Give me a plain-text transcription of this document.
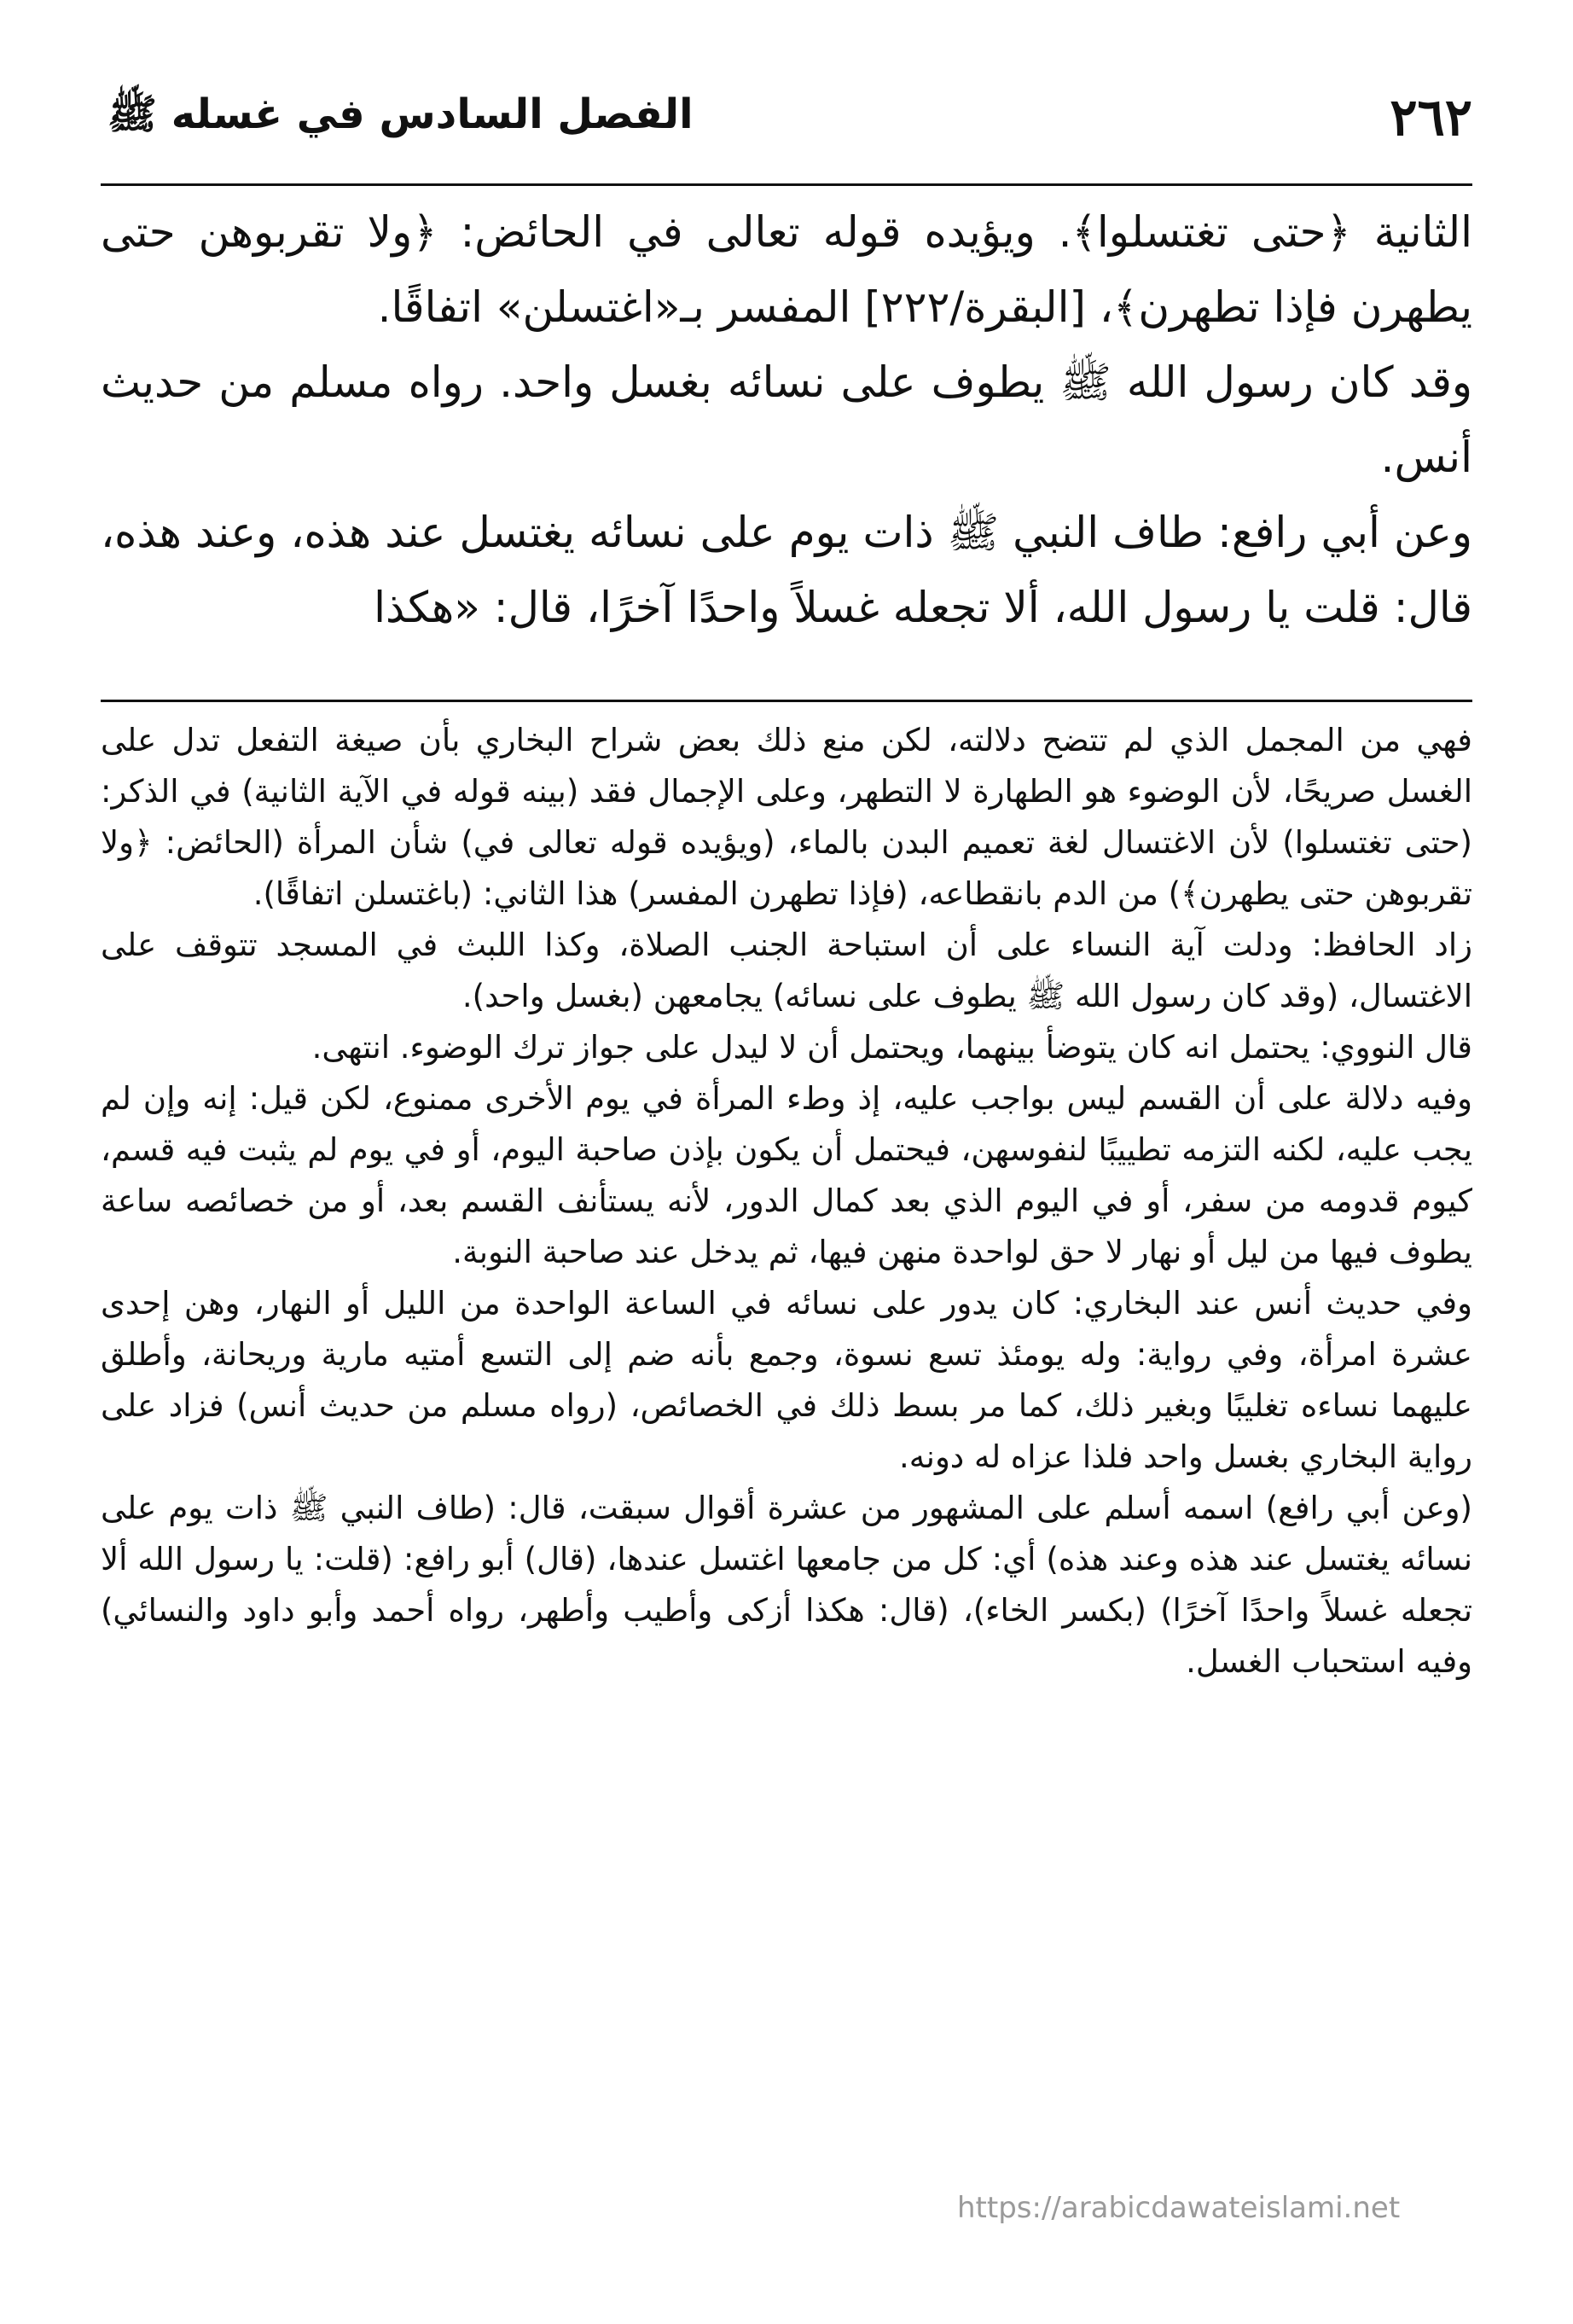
٢٦٢
الفصل السادس في غسله ﷺ

الثانية ﴿حتى تغتسلوا﴾. ويؤيده قوله تعالى في الحائض: ﴿ولا تقربوهن حتى يطهرن فإذا تطهرن﴾، [البقرة/٢٢٢] المفسر بـ«اغتسلن» اتفاقًا.

وقد كان رسول الله ﷺ يطوف على نسائه بغسل واحد. رواه مسلم من حديث أنس.

وعن أبي رافع: طاف النبي ﷺ ذات يوم على نسائه يغتسل عند هذه، وعند هذه، قال: قلت يا رسول الله، ألا تجعله غسلاً واحدًا آخرًا، قال: «هكذا

فهي من المجمل الذي لم تتضح دلالته، لكن منع ذلك بعض شراح البخاري بأن صيغة التفعل تدل على الغسل صريحًا، لأن الوضوء هو الطهارة لا التطهر، وعلى الإجمال فقد (بينه قوله في الآية الثانية) في الذكر: (حتى تغتسلوا) لأن الاغتسال لغة تعميم البدن بالماء، (ويؤيده قوله تعالى في) شأن المرأة (الحائض: ﴿ولا تقربوهن حتى يطهرن﴾) من الدم بانقطاعه، (فإذا تطهرن المفسر) هذا الثاني: (باغتسلن اتفاقًا).

زاد الحافظ: ودلت آية النساء على أن استباحة الجنب الصلاة، وكذا اللبث في المسجد تتوقف على الاغتسال، (وقد كان رسول الله ﷺ يطوف على نسائه) يجامعهن (بغسل واحد).

قال النووي: يحتمل انه كان يتوضأ بينهما، ويحتمل أن لا ليدل على جواز ترك الوضوء. انتهى.

وفيه دلالة على أن القسم ليس بواجب عليه، إذ وطء المرأة في يوم الأخرى ممنوع، لكن قيل: إنه وإن لم يجب عليه، لكنه التزمه تطييبًا لنفوسهن، فيحتمل أن يكون بإذن صاحبة اليوم، أو في يوم لم يثبت فيه قسم، كيوم قدومه من سفر، أو في اليوم الذي بعد كمال الدور، لأنه يستأنف القسم بعد، أو من خصائصه ساعة يطوف فيها من ليل أو نهار لا حق لواحدة منهن فيها، ثم يدخل عند صاحبة النوبة.

وفي حديث أنس عند البخاري: كان يدور على نسائه في الساعة الواحدة من الليل أو النهار، وهن إحدى عشرة امرأة، وفي رواية: وله يومئذ تسع نسوة، وجمع بأنه ضم إلى التسع أمتيه مارية وريحانة، وأطلق عليهما نساءه تغليبًا وبغير ذلك، كما مر بسط ذلك في الخصائص، (رواه مسلم من حديث أنس) فزاد على رواية البخاري بغسل واحد فلذا عزاه له دونه.

(وعن أبي رافع) اسمه أسلم على المشهور من عشرة أقوال سبقت، قال: (طاف النبي ﷺ ذات يوم على نسائه يغتسل عند هذه وعند هذه) أي: كل من جامعها اغتسل عندها، (قال) أبو رافع: (قلت: يا رسول الله ألا تجعله غسلاً واحدًا آخرًا) (بكسر الخاء)، (قال: هكذا أزكى وأطيب وأطهر، رواه أحمد وأبو داود والنسائي) وفيه استحباب الغسل.

https://arabicdawateislami.net
